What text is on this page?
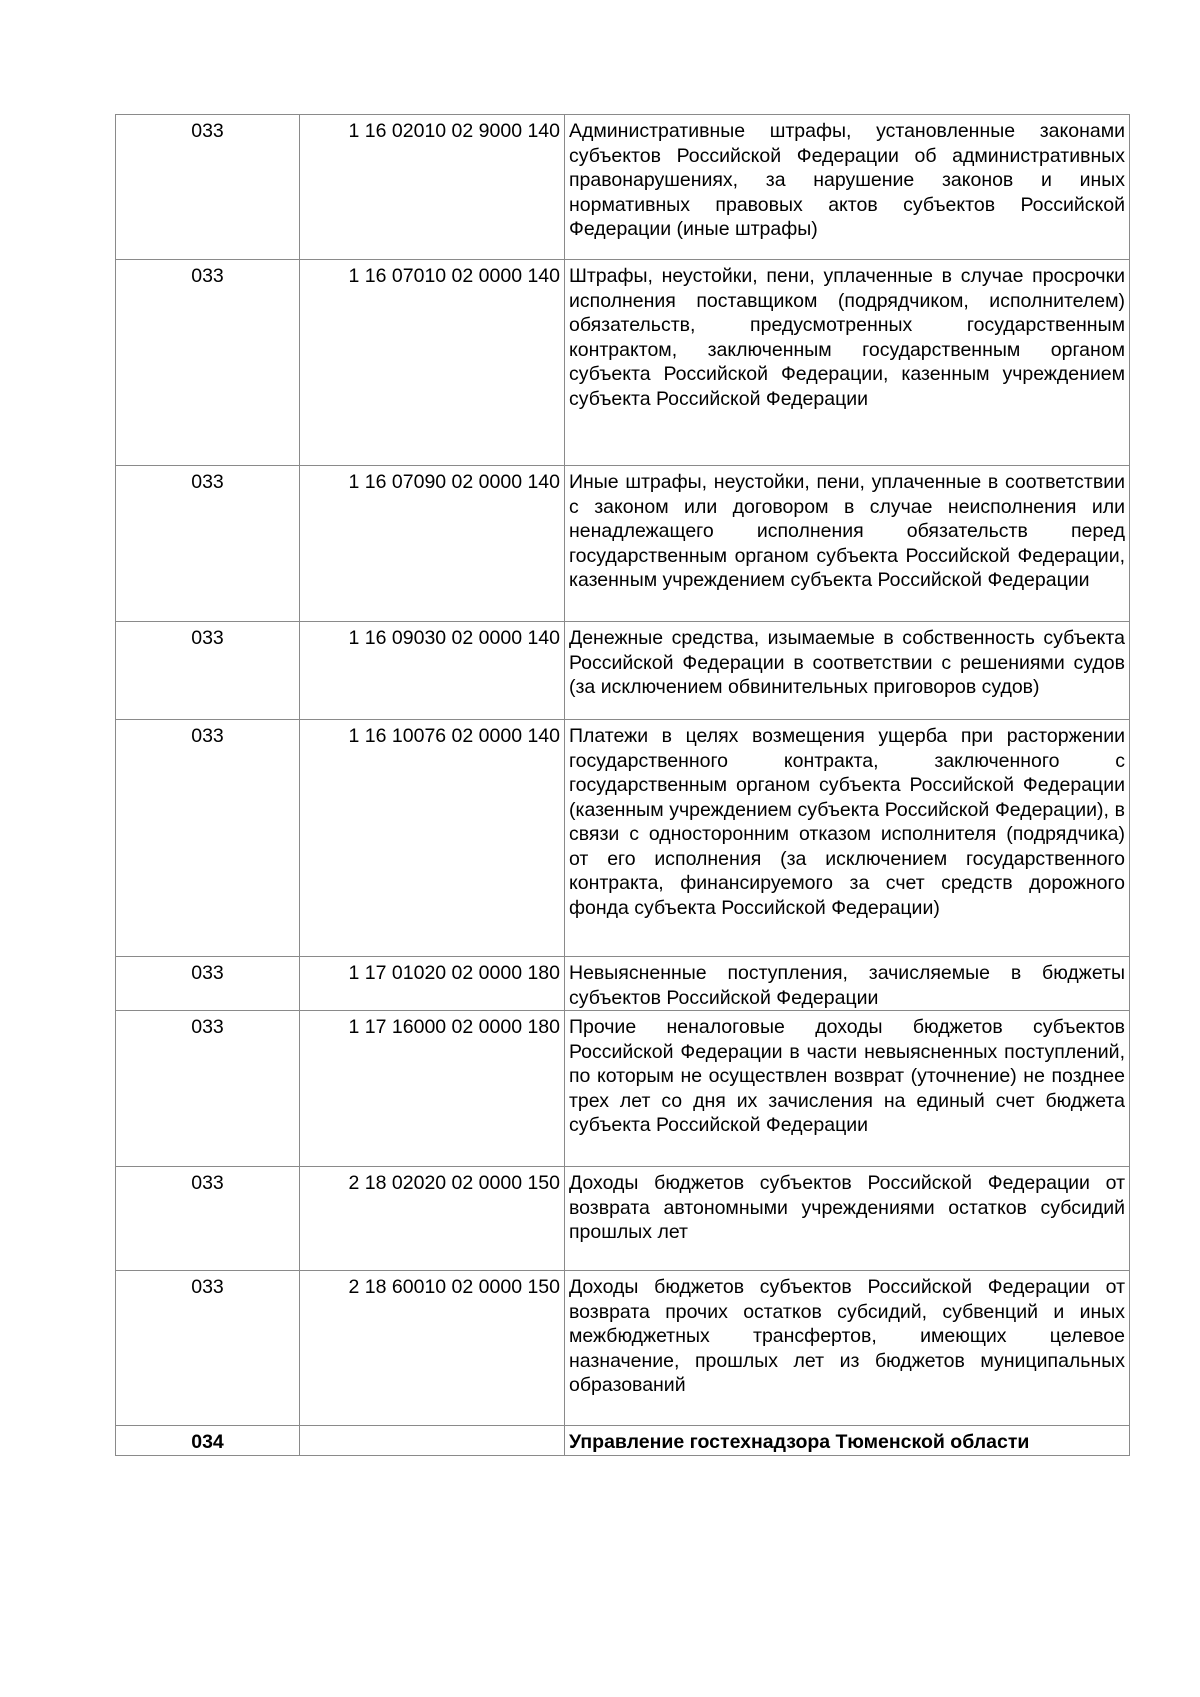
033	1 16 02010 02 9000 140	Административные штрафы, установленные законами субъектов Российской Федерации об административных правонарушениях, за нарушение законов и иных нормативных правовых актов субъектов Российской Федерации (иные штрафы)
033	1 16 07010 02 0000 140	Штрафы, неустойки, пени, уплаченные в случае просрочки исполнения поставщиком (подрядчиком, исполнителем) обязательств, предусмотренных государственным контрактом, заключенным государственным органом субъекта Российской Федерации, казенным учреждением субъекта Российской Федерации
033	1 16 07090 02 0000 140	Иные штрафы, неустойки, пени, уплаченные в соответствии с законом или договором в случае неисполнения или ненадлежащего исполнения обязательств перед государственным органом субъекта Российской Федерации, казенным учреждением субъекта Российской Федерации
033	1 16 09030 02 0000 140	Денежные средства, изымаемые в собственность субъекта Российской Федерации в соответствии с решениями судов (за исключением обвинительных приговоров судов)
033	1 16 10076 02 0000 140	Платежи в целях возмещения ущерба при расторжении государственного контракта, заключенного с государственным органом субъекта Российской Федерации (казенным учреждением субъекта Российской Федерации), в связи с односторонним отказом исполнителя (подрядчика) от его исполнения (за исключением государственного контракта, финансируемого за счет средств дорожного фонда субъекта Российской Федерации)
033	1 17 01020 02 0000 180	Невыясненные поступления, зачисляемые в бюджеты субъектов Российской Федерации
033	1 17 16000 02 0000 180	Прочие неналоговые доходы бюджетов субъектов Российской Федерации в части невыясненных поступлений, по которым не осуществлен возврат (уточнение) не позднее трех лет со дня их зачисления на единый счет бюджета субъекта Российской Федерации
033	2 18 02020 02 0000 150	Доходы бюджетов субъектов Российской Федерации от возврата автономными учреждениями остатков субсидий прошлых лет
033	2 18 60010 02 0000 150	Доходы бюджетов субъектов Российской Федерации от возврата прочих остатков субсидий, субвенций и иных межбюджетных трансфертов, имеющих целевое назначение, прошлых лет из бюджетов муниципальных образований
034		Управление гостехнадзора Тюменской области
